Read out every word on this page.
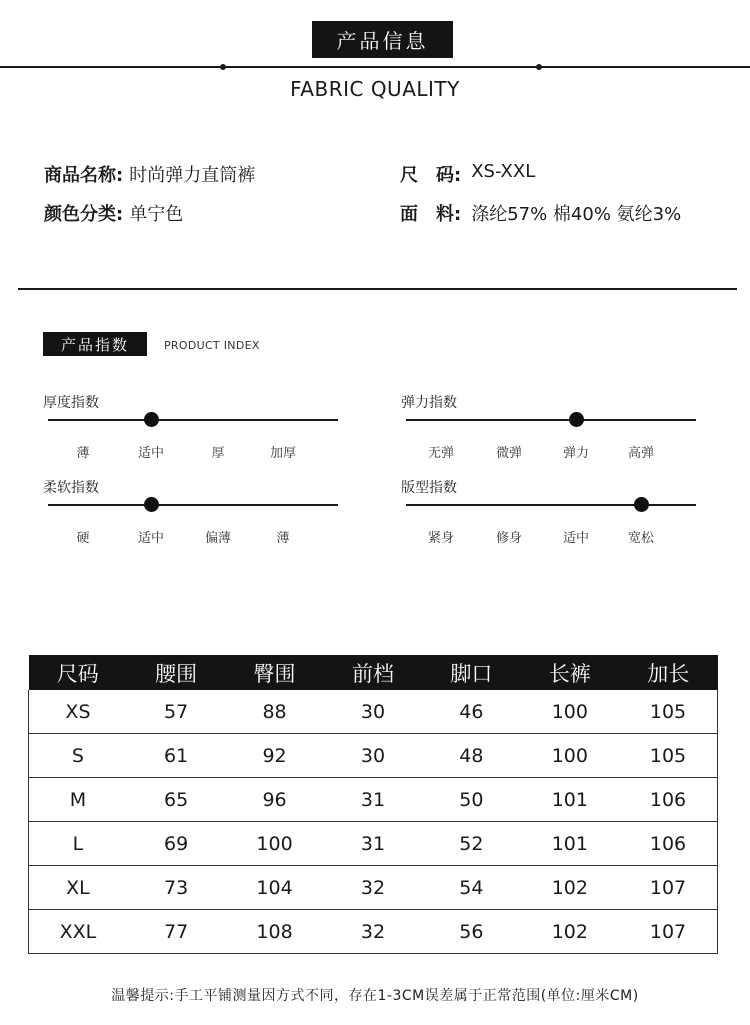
产品信息
FABRIC QUALITY
商品名称: 时尚弹力直筒裤	尺　码: XS-XXL
颜色分类: 单宁色	面　料: 涤纶57% 棉40% 氨纶3%
产品指数	PRODUCT INDEX
厚度指数
薄	适中	厚	加厚
弹力指数
无弹	微弹	弹力	高弹
柔软指数
硬	适中	偏薄	薄
版型指数
紧身	修身	适中	宽松
尺码	腰围	臀围	前档	脚口	长裤	加长
XS	57	88	30	46	100	105
S	61	92	30	48	100	105
M	65	96	31	50	101	106
L	69	100	31	52	101	106
XL	73	104	32	54	102	107
XXL	77	108	32	56	102	107
温馨提示:手工平铺测量因方式不同，存在1-3CM误差属于正常范围(单位:厘米CM)
